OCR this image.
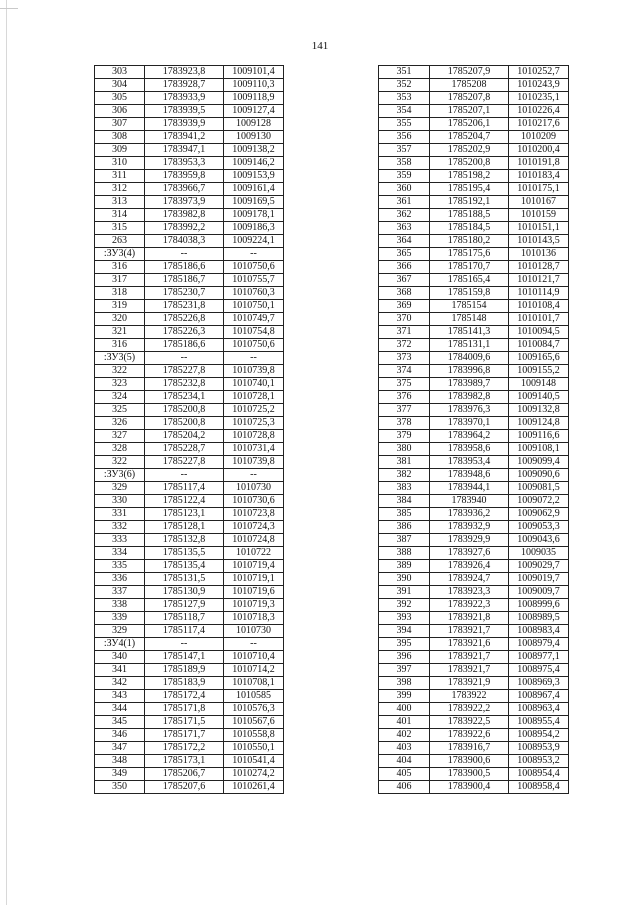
141
303	1783923,8	1009101,4
304	1783928,7	1009110,3
305	1783933,9	1009118,9
306	1783939,5	1009127,4
307	1783939,9	1009128
308	1783941,2	1009130
309	1783947,1	1009138,2
310	1783953,3	1009146,2
311	1783959,8	1009153,9
312	1783966,7	1009161,4
313	1783973,9	1009169,5
314	1783982,8	1009178,1
315	1783992,2	1009186,3
263	1784038,3	1009224,1
:ЗУ3(4)	--	--
316	1785186,6	1010750,6
317	1785186,7	1010755,7
318	1785230,7	1010760,3
319	1785231,8	1010750,1
320	1785226,8	1010749,7
321	1785226,3	1010754,8
316	1785186,6	1010750,6
:ЗУ3(5)	--	--
322	1785227,8	1010739,8
323	1785232,8	1010740,1
324	1785234,1	1010728,1
325	1785200,8	1010725,2
326	1785200,8	1010725,3
327	1785204,2	1010728,8
328	1785228,7	1010731,4
322	1785227,8	1010739,8
:ЗУ3(6)	--	--
329	1785117,4	1010730
330	1785122,4	1010730,6
331	1785123,1	1010723,8
332	1785128,1	1010724,3
333	1785132,8	1010724,8
334	1785135,5	1010722
335	1785135,4	1010719,4
336	1785131,5	1010719,1
337	1785130,9	1010719,6
338	1785127,9	1010719,3
339	1785118,7	1010718,3
329	1785117,4	1010730
:ЗУ4(1)	--	--
340	1785147,1	1010710,4
341	1785189,9	1010714,2
342	1785183,9	1010708,1
343	1785172,4	1010585
344	1785171,8	1010576,3
345	1785171,5	1010567,6
346	1785171,7	1010558,8
347	1785172,2	1010550,1
348	1785173,1	1010541,4
349	1785206,7	1010274,2
350	1785207,6	1010261,4
351	1785207,9	1010252,7
352	1785208	1010243,9
353	1785207,8	1010235,1
354	1785207,1	1010226,4
355	1785206,1	1010217,6
356	1785204,7	1010209
357	1785202,9	1010200,4
358	1785200,8	1010191,8
359	1785198,2	1010183,4
360	1785195,4	1010175,1
361	1785192,1	1010167
362	1785188,5	1010159
363	1785184,5	1010151,1
364	1785180,2	1010143,5
365	1785175,6	1010136
366	1785170,7	1010128,7
367	1785165,4	1010121,7
368	1785159,8	1010114,9
369	1785154	1010108,4
370	1785148	1010101,7
371	1785141,3	1010094,5
372	1785131,1	1010084,7
373	1784009,6	1009165,6
374	1783996,8	1009155,2
375	1783989,7	1009148
376	1783982,8	1009140,5
377	1783976,3	1009132,8
378	1783970,1	1009124,8
379	1783964,2	1009116,6
380	1783958,6	1009108,1
381	1783953,4	1009099,4
382	1783948,6	1009090,6
383	1783944,1	1009081,5
384	1783940	1009072,2
385	1783936,2	1009062,9
386	1783932,9	1009053,3
387	1783929,9	1009043,6
388	1783927,6	1009035
389	1783926,4	1009029,7
390	1783924,7	1009019,7
391	1783923,3	1009009,7
392	1783922,3	1008999,6
393	1783921,8	1008989,5
394	1783921,7	1008983,4
395	1783921,6	1008979,4
396	1783921,7	1008977,1
397	1783921,7	1008975,4
398	1783921,9	1008969,3
399	1783922	1008967,4
400	1783922,2	1008963,4
401	1783922,5	1008955,4
402	1783922,6	1008954,2
403	1783916,7	1008953,9
404	1783900,6	1008953,2
405	1783900,5	1008954,4
406	1783900,4	1008958,4
